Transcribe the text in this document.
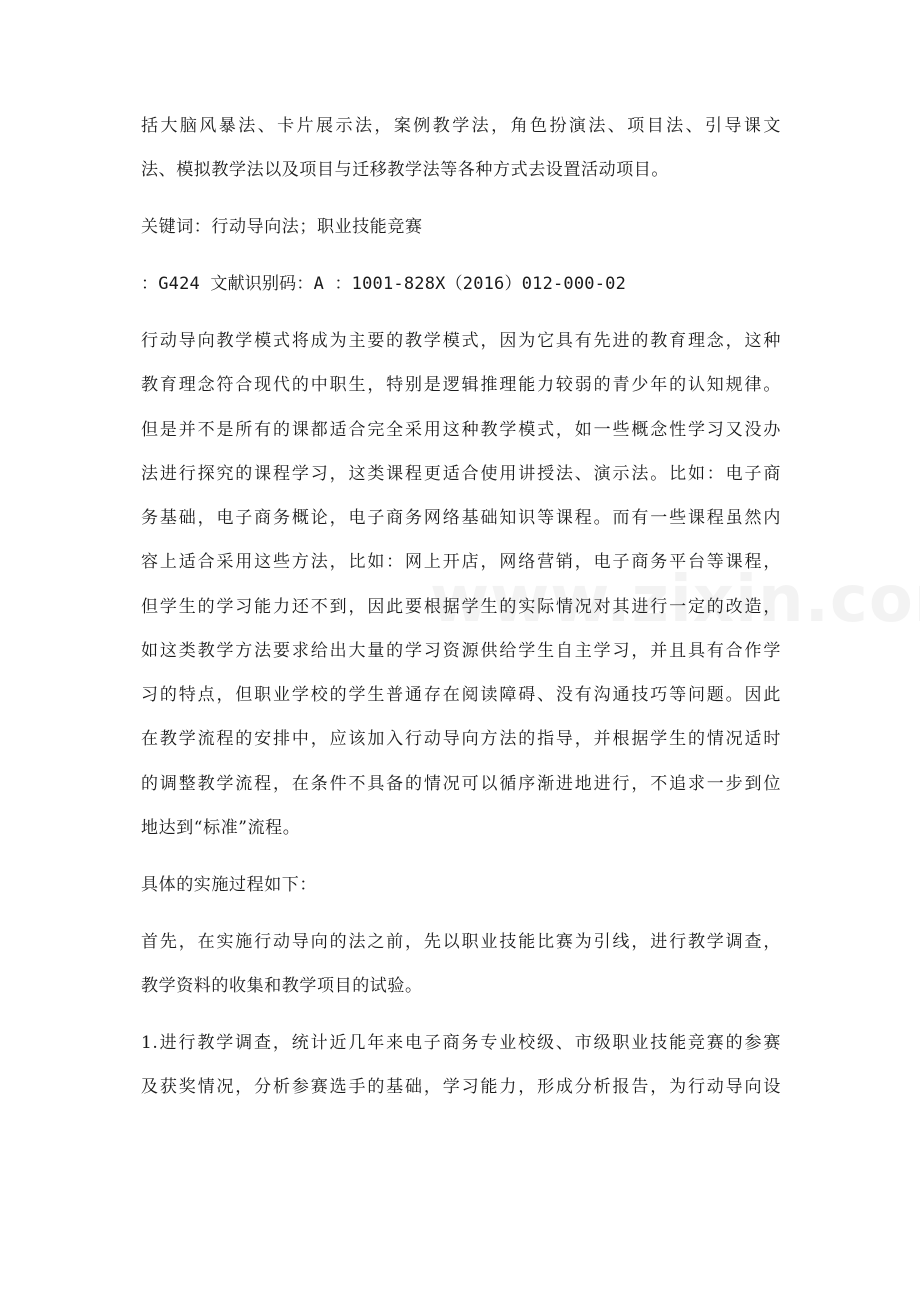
括大脑风暴法、卡片展示法，案例教学法，角色扮演法、项目法、引导课文
法、模拟教学法以及项目与迁移教学法等各种方式去设置活动项目。
关键词：行动导向法；职业技能竞赛
：G424 文献识别码：A ：1001-828X（2016）012-000-02
行动导向教学模式将成为主要的教学模式，因为它具有先进的教育理念，这种
教育理念符合现代的中职生，特别是逻辑推理能力较弱的青少年的认知规律。
但是并不是所有的课都适合完全采用这种教学模式，如一些概念性学习又没办
法进行探究的课程学习，这类课程更适合使用讲授法、演示法。比如：电子商
务基础，电子商务概论，电子商务网络基础知识等课程。而有一些课程虽然内
容上适合采用这些方法，比如：网上开店，网络营销，电子商务平台等课程，
但学生的学习能力还不到，因此要根据学生的实际情况对其进行一定的改造，
如这类教学方法要求给出大量的学习资源供给学生自主学习，并且具有合作学
习的特点，但职业学校的学生普通存在阅读障碍、没有沟通技巧等问题。因此
在教学流程的安排中，应该加入行动导向方法的指导，并根据学生的情况适时
的调整教学流程，在条件不具备的情况可以循序渐进地进行，不追求一步到位
地达到“标准”流程。
具体的实施过程如下：
首先，在实施行动导向的法之前，先以职业技能比赛为引线，进行教学调查，
教学资料的收集和教学项目的试验。
1.进行教学调查，统计近几年来电子商务专业校级、市级职业技能竞赛的参赛
及获奖情况，分析参赛选手的基础，学习能力，形成分析报告，为行动导向设
